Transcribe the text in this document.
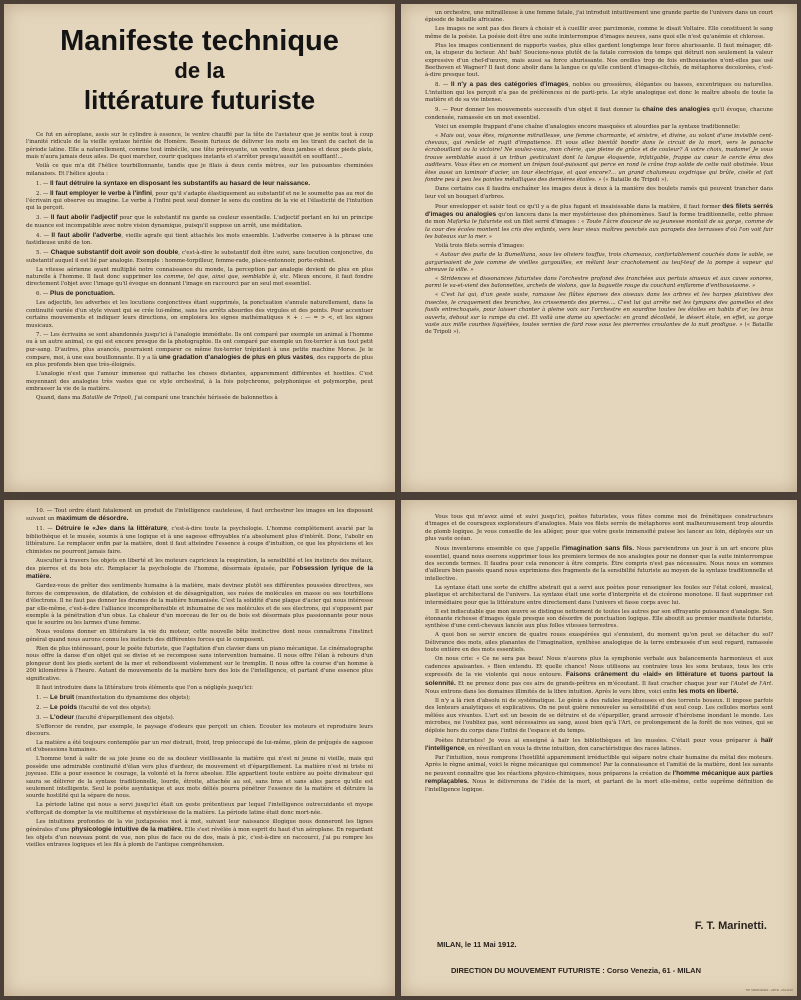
Manifeste technique
de la
littérature futuriste

Ce fut en aéroplane, assis sur le cylindre à essence, le ventre chauffé par la tête de l'aviateur que je sentis tout à coup l'inanité ridicule de la vieille syntaxe héritée de Homère. Besoin furieux de délivrer les mots en les tirant du cachot de la période latine. Elle a naturellement, comme tout imbécile, une tête prévoyante, un ventre, deux jambes et deux pieds plats, mais n'aura jamais deux ailes. De quoi marcher, courir quelques instants et s'arrêter presqu'aussitôt en soufflant!...

Voilà ce que m'a dit l'hélice tourbillonnante, tandis que je filais à deux cents mètres, sur les puissantes cheminées milanaises. Et l'hélice ajouta :

1. — Il faut détruire la syntaxe en disposant les substantifs au hasard de leur naissance.

2. — Il faut employer le verbe à l'infini, pour qu'il s'adapte élastiquement au substantif et ne le soumette pas au moi de l'écrivain qui observe ou imagine. Le verbe à l'infini peut seul donner le sens du continu de la vie et l'élasticité de l'intuition qui la perçoit.

3. — Il faut abolir l'adjectif pour que le substantif nu garde sa couleur essentielle. L'adjectif portant en lui un principe de nuance est incompatible avec notre vision dynamique, puisqu'il suppose un arrêt, une méditation.

4. — Il faut abolir l'adverbe, vieille agrafe qui tient attachés les mots ensemble. L'adverbe conserve à la phrase une fastidieuse unité de ton.

5. — Chaque substantif doit avoir son double, c'est-à-dire le substantif doit être suivi, sans locution conjonctive, du substantif auquel il est lié par analogie. Exemple : homme-torpilleur, femme-rade, place-entonnoir, porte-robinet.

La vitesse aérienne ayant multiplié notre connaissance du monde, la perception par analogie devient de plus en plus naturelle à l'homme. Il faut donc supprimer les comme, tel que, ainsi que, semblable à, etc. Mieux encore, il faut fondre directement l'objet avec l'image qu'il évoque en donnant l'image en raccourci par un seul mot essentiel.

6. — Plus de ponctuation.

Les adjectifs, les adverbes et les locutions conjonctives étant supprimés, la ponctuation s'annule naturellement, dans la continuité variée d'un style vivant qui se crée lui-même, sans les arrêts absurdes des virgules et des points. Pour accentuer certains mouvements et indiquer leurs directions, on emploiera les signes mathématiques × + : — = > <, et les signes musicaux.

7. — Les écrivains se sont abandonnés jusqu'ici à l'analogie immédiate. Ils ont comparé par exemple un animal à l'homme ou à un autre animal, ce qui est encore presque de la photographie. Ils ont comparé par exemple un fox-terrier à un tout petit pur-sang. D'autres, plus avancés, pourraient comparer ce même fox-terrier trépidant à une petite machine Morse. Je le compare, moi, à une eau bouillonnante. Il y a là une gradation d'analogies de plus en plus vastes, des rapports de plus en plus profonds bien que très-éloignés.

L'analogie n'est que l'amour immense qui rattache les choses distantes, apparemment différentes et hostiles. C'est moyennant des analogies très vastes que ce style orchestral, à la fois polychrome, polyphonique et polymorphe, peut embrasser la vie de la matière.

Quand, dans ma Bataille de Tripoli, j'ai comparé une tranchée hérissée de baïonnettes à

un orchestre, une mitrailleuse à une femme fatale, j'ai introduit intuitivement une grande partie de l'univers dans un court épisode de bataille africaine.

Les images ne sont pas des fleurs à choisir et à cueillir avec parcimonie, comme le disait Voltaire. Elle constituent le sang même de la poésie. La poésie doit être une suite ininterrompue d'images neuves, sans quoi elle n'est qu'anémie et chlorose.

Plus les images contiennent de rapports vastes, plus elles gardent longtemps leur force ahurissante. Il faut ménager, dit-on, la stupeur du lecteur. Ah! bah! Soucions-nous plutôt de la fatale corrosion du temps qui détruit non seulement la valeur expressive d'un chef-d'œuvre, mais aussi sa force ahurissante. Nos oreilles trop de fois enthousiastes n'ont-elles pas usé Beethoven et Wagner? Il faut donc abolir dans la langue ce qu'elle contient d'images-clichés, de métaphores decolorées, c'est-à-dire presque tout.

8. — Il n'y a pas des catégories d'images, nobles ou grossières, élégantes ou basses, excentriques ou naturelles. L'intuition qui les perçoit n'a pas de préférences ni de parti-pris. Le style analogique est donc le maître absolu de toute la matière et de sa vie intense.

9. — Pour donner les mouvements successifs d'un objet il faut donner la chaîne des analogies qu'il évoque, chacune condensée, ramassée en un mot essentiel.

Voici un exemple frappant d'une chaîne d'analogies encore masquées et alourdies par la syntaxe traditionnelle:

« Mais oui, vous êtes, mignonne mitrailleuse, une femme charmante, et sinistre, et divine, au volant d'une invisible cent-chevaux, qui renâcle et rugit d'impatience. Et vous allez bientôt bondir dans le circuit de la mort, vers le panache écrabouillant ou la victoire! Ne voulez-vous, mon chérie, que pleine de grâce et de couleur? A votre choix, madame! Je vous trouve semblable aussi à un tribun gesticulant dont la langue éloquente, infatigable, frappe au cœur le cercle ému des auditeurs. Vous êtes en ce moment un trépan tout-puissant qui perce en rond le crâne trop solide de cette nuit obstinée. Vous êtes aussi un laminoir d'acier, un tour électrique, et quoi encore?... un grand chalumeau oxydrique qui brûle, cisèle et fait fondre peu à peu les pointes métalliques des dernières étoiles. » (« Bataille de Tripoli »).

Dans certains cas il faudra enchaîner les images deux à deux à la manière des boulets ramés qui peuvent trancher dans leur vol un bouquet d'arbres.

Pour envelopper et saisir tout ce qu'il y a de plus fugant et insaisissable dans la matière, il faut former des filets serrés d'images ou analogies qu'on lancera dans la mer mystérieuse des phénomènes. Sauf la forme traditionnelle, cette phrase de mon Mafarka le futuriste est un filet serré d'images : « Toute l'âcre douceur de sa jeunesse montait de sa gorge, comme de la cour des écoles montent les cris des enfants, vers leur vieux maîtres penchés aux parapets des terrasses d'où l'on voit fuir les bateaux sur la mer. »

Voilà trois filets serrés d'images:

« Autour des puits de la Bumelliana, sous les oliviers touffus, trois chameaux, confortablement couchés dans le sable, se gargarisaient de joie comme de vieilles gargouilles, en mêlant leur crachotement au teuf-teuf de la pompe à vapeur qui abreuve la ville. »

« Stridences et dissonances futuristes dans l'orchestre profond des tranchées aux pertuis sinueux et aux caves sonores, parmi le va-et-vient des baïonnettes, archets de violons, que la baguette rouge du couchant enflamme d'enthousiasme. »

« C'est lui qui, d'un geste vaste, ramasse les flûtes éparses des oiseaux dans les arbres et les harpes plaintives des insectes, le craquement des branches, les crissements des pierres.... C'est lui qui arrête net les tympans des gamelles et des fusils entrechoqués, pour laisser chanter à pleine voix sur l'orchestre en sourdine toutes les étoiles en habits d'or, les bras ouverts, debout sur la rampe du ciel. Et voilà une dame au spectacle: en grand décolleté, le désert étale, en effet, sa gorge vaste aux mille courbes liquéfiées, toutes vernies de fard rose sous les pierreries croulantes de la nuit prodigue. » (« Bataille de Tripoli »).

10. — Tout ordre étant fatalement un produit de l'intelligence cauteleuse, il faut orchestrer les images en les disposant suivant un maximum de désordre.

11. — Détruire le «Je» dans la littérature, c'est-à-dire toute la psychologie. L'homme complètement avarié par la bibliothèque et le musée, soumis à une logique et à une sagesse effroyables n'a absolument plus d'intérêt. Donc, l'abolir en littérature. Le remplacer enfin par la matière, dont il faut atteindre l'essence à coups d'intuition, ce que les physiciens et les chimistes ne pourront jamais faire.

Ausculter à travers les objets en liberté et les moteurs capricieux la respiration, la sensibilité et les instincts des métaux, des pierres et du bois etc. Remplacer la psychologie de l'homme, désormais épuisée, par l'obsession lyrique de la matière.

Gardez-vous de prêter des sentiments humains à la matière, mais devinez plutôt ses différentes poussées directives, ses forces de compression, de dilatation, de cohésion et de désagrégation, ses ruées de molécules en masse ou ses tourbillons d'électrons. Il ne faut pas donner les drames de la matière humanisée. C'est la solidité d'une plaque d'acier qui nous intéresse par elle-même, c'est-à-dire l'alliance incompréhensible et inhumaine de ses molécules et de ses électrons, qui s'opposent par exemple à la pénétration d'un obus. La chaleur d'un morceau de fer ou de bois est désormais plus passionnante pour nous que le sourire ou les larmes d'une femme.

Nous voulons donner en littérature la vie du moteur, cette nouvelle bête instinctive dont nous connaîtrons l'instinct général quand nous aurons connu les instincts des différentes forces qui le composent.

Rien de plus intéressant, pour le poète futuriste, que l'agitation d'un clavier dans un piano mécanique. Le cinématographe nous offre la danse d'un objet qui se divise et se recompose sans intervention humaine. Il nous offre l'élan à rebours d'un plongeur dont les pieds sortent de la mer et rebondissent violemment sur le tremplin. Il nous offre la course d'un homme à 200 kilomètres à l'heure. Autant de mouvements de la matière hors des lois de l'intelligence, et partant d'une essence plus significative.

Il faut introduire dans la littérature trois éléments que l'on a négligés jusqu'ici:

1. — Le bruit (manifestation du dynamisme des objets);

2. — Le poids (faculté de vol des objets);

3. — L'odeur (faculté d'éparpillement des objets).

S'efforcer de rendre, par exemple, le paysage d'odeurs que perçoit un chien. Ecouter les moteurs et reproduire leurs discours.

La matière a été toujours contemplée par un moi distrait, froid, trop préoccupé de lui-même, plein de préjugés de sagesse et d'obsessions humaines.

L'homme tend à salir de sa joie jeune ou de sa douleur vieillissante la matière qui n'est ni jeune ni vieille, mais qui possède une admirable continuité d'élan vers plus d'ardeur, de mouvement et d'éparpillement. La matière n'est ni triste ni joyeuse. Elle a pour essence le courage, la volonté et la force absolue. Elle appartient toute entière au poète divinateur qui saura se délivrer de la syntaxe traditionnelle, lourde, étroite, attachée au sol, sans bras et sans ailes parce qu'elle est seulement intelligente. Seul le poète asyntaxique et aux mots déliés pourra pénétrer l'essence de la matière et détruire la sourde hostilité qui la sépare de nous.

La période latine qui nous a servi jusqu'ici était un geste prétentieux par lequel l'intelligence outrecuidante et myope s'efforçait de dompter la vie multiforme et mystérieuse de la matière. La période latine était donc mort-née.

Les intuitions profondes de la vie juxtaposées mot à mot, suivant leur naissance illogique nous donneront les lignes générales d'une physicologie intuitive de la matière. Elle s'est révélée à mon esprit du haut d'un aéroplane. En regardant les objets d'un nouveau point de vue, non plus de face ou de dos, mais à pic, c'est-à-dire en raccourci, j'ai pu rompre les vieilles entraves logiques et les fils à plomb de l'antique compréhension.

Vous tous qui m'avez aimé et suivi jusqu'ici, poètes futuristes, vous fûtes comme moi de frénétiques constructeurs d'images et de courageux explorateurs d'analogies. Mais vos filets serrés de métaphores sont malheureusement trop alourdis de plomb logique. Je vous conseille de les alléger, pour que votre geste immensifié puisse les lancer au loin, déployés sur un plus vaste océan.

Nous inventerons ensemble ce que j'appelle l'imagination sans fils. Nous parviendrons un jour à un art encore plus essentiel, quand nous oserons supprimer tous les premiers termes de nos analogies pour ne donner que la suite ininterrompue des seconds termes. Il faudra pour cela renoncer à être compris. Être compris n'est pas nécessaire. Nous nous en sommes d'ailleurs bien passés quand nous exprimions des fragments de la sensibilité futuriste au moyen de la syntaxe traditionnelle et intellective.

La syntaxe était une sorte de chiffre abstrait qui a servi aux poètes pour renseigner les foules sur l'état coloré, musical, plastique et architectural de l'univers. La syntaxe était une sorte d'interprète et de cicérone monotone. Il faut supprimer cet intermédiaire pour que la littérature entre directement dans l'univers et fasse corps avec lui.

Il est indiscutable que mon œuvre se distingue nettement de toutes les autres par son effrayante puissance d'analogie. Son étonnante richesse d'images égale presque son désordre de ponctuation logique. Elle aboutit au premier manifeste futuriste, synthèse d'une cent-chevaux lancée aux plus folles vitesses terrestres.

A quoi bon se servir encore de quatre roues exaspérées qui s'ennuient, du moment qu'on peut se détacher du sol? Délivrance des mots, ailes planantes de l'imagination, synthèse analogique de la terre embrassée d'un seul regard, ramassée toute entière en des mots essentiels.

On nous crie: « Ce ne sera pas beau! Nous n'aurons plus la symphonie verbale aux balancements harmonieux et aux cadences apaisantes. » Bien entendu. Et quelle chance! Nous utilisons au contraire tous les sons brutaux, tous les cris expressifs de la vie violente qui nous entoure. Faisons crânement du «laid» en littérature et tuons partout la solennité. Et ne prenez donc pas ces airs de grands-prêtres en m'écoutant. Il faut cracher chaque jour sur l'Autel de l'Art. Nous entrons dans les domaines illimités de la libre intuition. Après le vers libre, voici enfin les mots en liberté.

Il n'y a là rien d'absolu ni de systématique. Le génie a des rafales impétueuses et des torrents boueux. Il impose parfois des lenteurs analytiques et explicatives. On ne peut guère renouveler sa sensibilité d'un seul coup. Les cellules mortes sont mêlées aux vivantes. L'art est un besoin de se détruire et de s'éparpiller, grand arrosoir d'héroïsme inondant le monde. Les microbes, ne l'oubliez pas, sont nécessaires au sang, aussi bien qu'à l'Art, ce prolongement de la forêt de nos veines, qui se déploie hors du corps dans l'infini de l'espace et du temps.

Poètes futuristes! Je vous ai enseigné à haïr les bibliothèques et les musées. C'était pour vous préparer à haïr l'intelligence, en réveillant en vous la divine intuition, don caractéristique des races latines.

Par l'intuition, nous romprons l'hostilité apparemment irréductible qui sépare notre chair humaine du métal des moteurs. Après le règne animal, voici le règne mécanique qui commence! Par la connaissance et l'amitié de la matière, dont les savants ne peuvent connaître que les réactions physico-chimiques, nous préparons la création de l'homme mécanique aux parties remplaçables. Nous le délivrerons de l'idée de la mort, et partant de la mort elle-même, cette suprême définition de l'intelligence logique.

F. T. Marinetti.
MILAN, le 11 Mai 1912.
DIRECTION DU MOUVEMENT FUTURISTE : Corso Venezia, 61 - MILAN
TIP. MERCEDES - ARTE - MILANO
